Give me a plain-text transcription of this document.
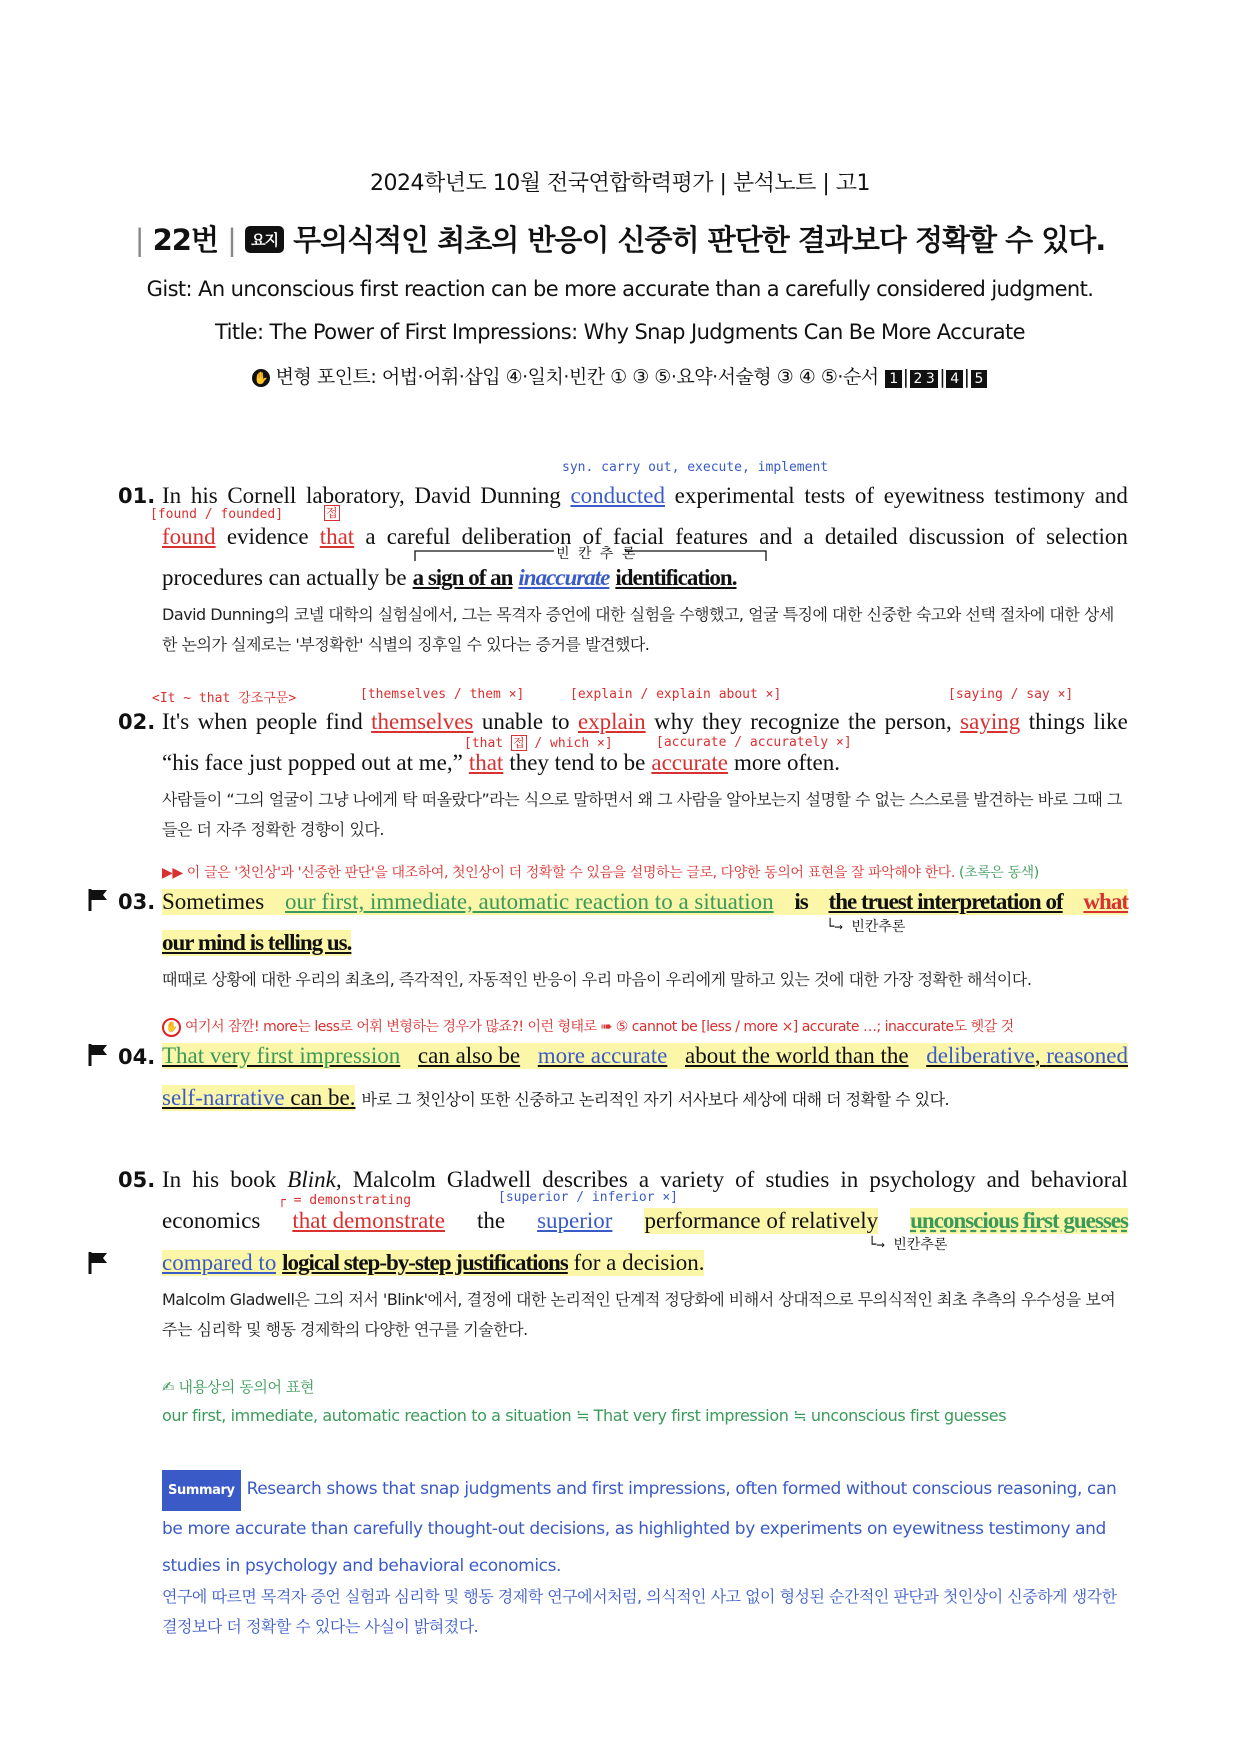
2024학년도 10월 전국연합학력평가 | 분석노트 | 고1
| 22번 | 요지 무의식적인 최초의 반응이 신중히 판단한 결과보다 정확할 수 있다.
Gist: An unconscious first reaction can be more accurate than a carefully considered judgment.
Title: The Power of First Impressions: Why Snap Judgments Can Be More Accurate
✋ 변형 포인트: 어법·어휘·삽입 ④·일치·빈칸 ① ③ ⑤·요약·서술형 ③ ④ ⑤·순서 1 | 2 3 | 4 | 5
syn. carry out, execute, implement
01. In his Cornell laboratory, David Dunning conducted experimental tests of eyewitness testimony and
[found / founded]	접
found evidence that a careful deliberation of facial features and a detailed discussion of selection
빈 칸 추 론
procedures can actually be a sign of an inaccurate identification.
David Dunning의 코넬 대학의 실험실에서, 그는 목격자 증언에 대한 실험을 수행했고, 얼굴 특징에 대한 신중한 숙고와 선택 절차에 대한 상세한 논의가 실제로는 '부정확한' 식별의 징후일 수 있다는 증거를 발견했다.
<It ~ that 강조구문>	[themselves / them ×]	[explain / explain about ×]	[saying / say ×]
02. It's when people find themselves unable to explain why they recognize the person, saying things like
[that 접 / which ×]	[accurate / accurately ×]
“his face just popped out at me,” that they tend to be accurate more often.
사람들이 “그의 얼굴이 그냥 나에게 탁 떠올랐다”라는 식으로 말하면서 왜 그 사람을 알아보는지 설명할 수 없는 스스로를 발견하는 바로 그때 그들은 더 자주 정확한 경향이 있다.
▶▶ 이 글은 '첫인상'과 '신중한 판단'을 대조하여, 첫인상이 더 정확할 수 있음을 설명하는 글로, 다양한 동의어 표현을 잘 파악해야 한다. (초록은 동색)
03. Sometimes our first, immediate, automatic reaction to a situation is the truest interpretation of what
└→ 빈칸추론
our mind is telling us.
때때로 상황에 대한 우리의 최초의, 즉각적인, 자동적인 반응이 우리 마음이 우리에게 말하고 있는 것에 대한 가장 정확한 해석이다.
✋ 여기서 잠깐! more는 less로 어휘 변형하는 경우가 많죠?! 이런 형태로 ➠ ⑤ cannot be [less / more ×] accurate …; inaccurate도 헷갈 것
04. That very first impression can also be more accurate about the world than the deliberative, reasoned
self-narrative can be. 바로 그 첫인상이 또한 신중하고 논리적인 자기 서사보다 세상에 대해 더 정확할 수 있다.
05. In his book Blink, Malcolm Gladwell describes a variety of studies in psychology and behavioral
┌ = demonstrating	[superior / inferior ×]
economics that demonstrate the superior performance of relatively unconscious first guesses
└→ 빈칸추론
compared to
logical step-by-step justifications
for a decision.
Malcolm Gladwell은 그의 저서 'Blink'에서, 결정에 대한 논리적인 단계적 정당화에 비해서 상대적으로 무의식적인 최초 추측의 우수성을 보여주는 심리학 및 행동 경제학의 다양한 연구를 기술한다.
✍ 내용상의 동의어 표현
our first, immediate, automatic reaction to a situation ≒ That very first impression ≒ unconscious first guesses
Summary Research shows that snap judgments and first impressions, often formed without conscious reasoning, can be more accurate than carefully thought-out decisions, as highlighted by experiments on eyewitness testimony and studies in psychology and behavioral economics.
연구에 따르면 목격자 증언 실험과 심리학 및 행동 경제학 연구에서처럼, 의식적인 사고 없이 형성된 순간적인 판단과 첫인상이 신중하게 생각한 결정보다 더 정확할 수 있다는 사실이 밝혀졌다.
